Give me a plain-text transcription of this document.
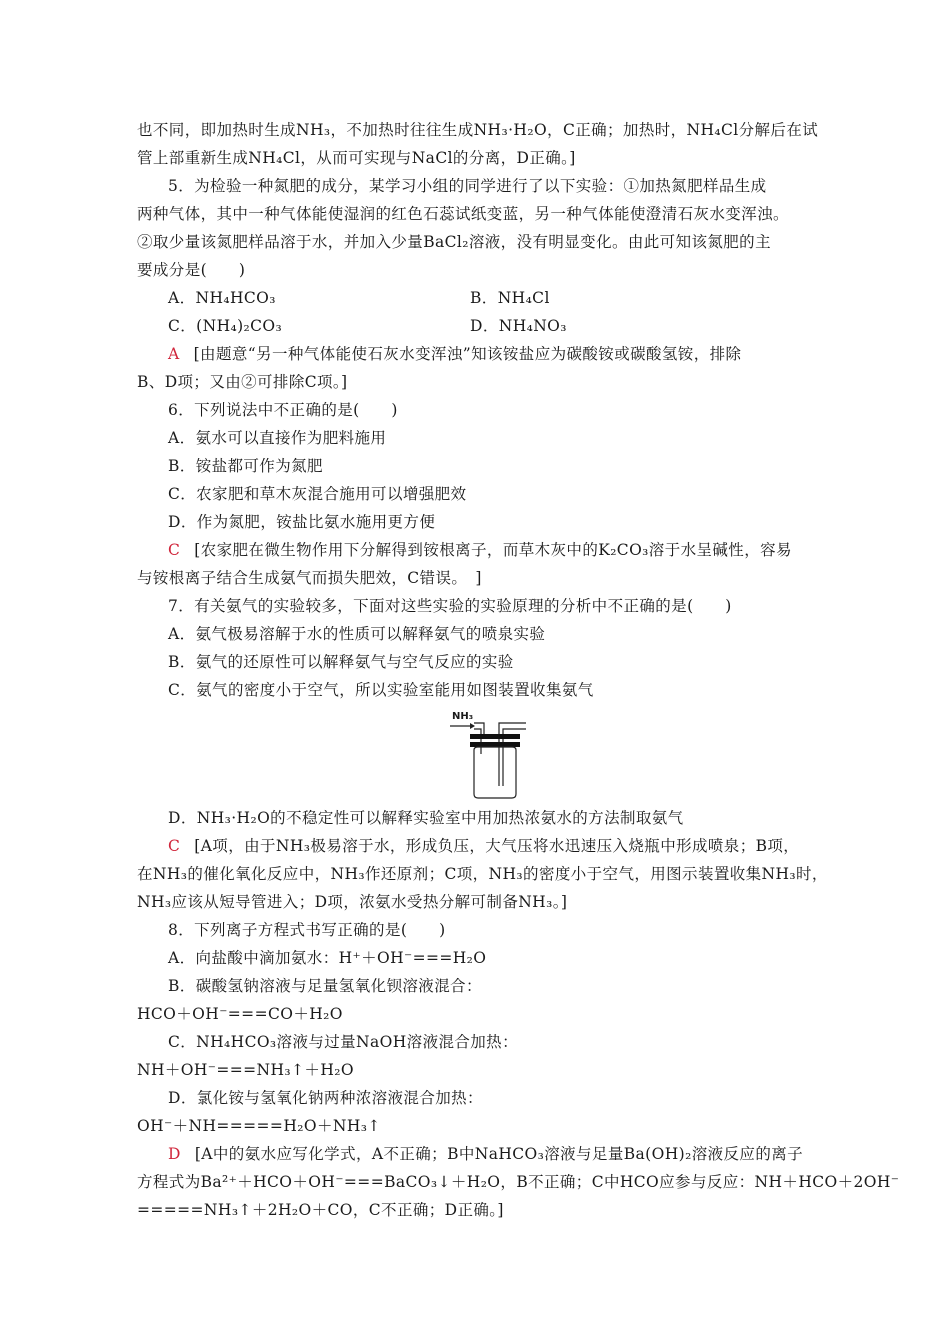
也不同，即加热时生成NH₃，不加热时往往生成NH₃·H₂O，C正确；加热时，NH₄Cl分解后在试
管上部重新生成NH₄Cl，从而可实现与NaCl的分离，D正确。]
5．为检验一种氮肥的成分，某学习小组的同学进行了以下实验：①加热氮肥样品生成
两种气体，其中一种气体能使湿润的红色石蕊试纸变蓝，另一种气体能使澄清石灰水变浑浊。
②取少量该氮肥样品溶于水，并加入少量BaCl₂溶液，没有明显变化。由此可知该氮肥的主
要成分是(　　)
A．NH₄HCO₃	B．NH₄Cl
C．(NH₄)₂CO₃	D．NH₄NO₃
A [由题意“另一种气体能使石灰水变浑浊”知该铵盐应为碳酸铵或碳酸氢铵，排除
B、D项；又由②可排除C项。]
6．下列说法中不正确的是(　　)
A．氨水可以直接作为肥料施用
B．铵盐都可作为氮肥
C．农家肥和草木灰混合施用可以增强肥效
D．作为氮肥，铵盐比氨水施用更方便
C [农家肥在微生物作用下分解得到铵根离子，而草木灰中的K₂CO₃溶于水呈碱性，容易
与铵根离子结合生成氨气而损失肥效，C错误。　]
7．有关氨气的实验较多，下面对这些实验的实验原理的分析中不正确的是(　　)
A．氨气极易溶解于水的性质可以解释氨气的喷泉实验
B．氨气的还原性可以解释氨气与空气反应的实验
C．氨气的密度小于空气，所以实验室能用如图装置收集氨气
NH₃
D．NH₃·H₂O的不稳定性可以解释实验室中用加热浓氨水的方法制取氨气
C [A项，由于NH₃极易溶于水，形成负压，大气压将水迅速压入烧瓶中形成喷泉；B项，
在NH₃的催化氧化反应中，NH₃作还原剂；C项，NH₃的密度小于空气，用图示装置收集NH₃时，
NH₃应该从短导管进入；D项，浓氨水受热分解可制备NH₃。]
8．下列离子方程式书写正确的是(　　)
A．向盐酸中滴加氨水：H⁺＋OH⁻===H₂O
B．碳酸氢钠溶液与足量氢氧化钡溶液混合：
HCO＋OH⁻===CO＋H₂O
C．NH₄HCO₃溶液与过量NaOH溶液混合加热：
NH＋OH⁻===NH₃↑＋H₂O
D．氯化铵与氢氧化钠两种浓溶液混合加热：
OH⁻＋NH=====H₂O＋NH₃↑
D [A中的氨水应写化学式，A不正确；B中NaHCO₃溶液与足量Ba(OH)₂溶液反应的离子
方程式为Ba²⁺＋HCO＋OH⁻===BaCO₃↓＋H₂O，B不正确；C中HCO应参与反应：NH＋HCO＋2OH⁻
=====NH₃↑＋2H₂O＋CO，C不正确；D正确。]
